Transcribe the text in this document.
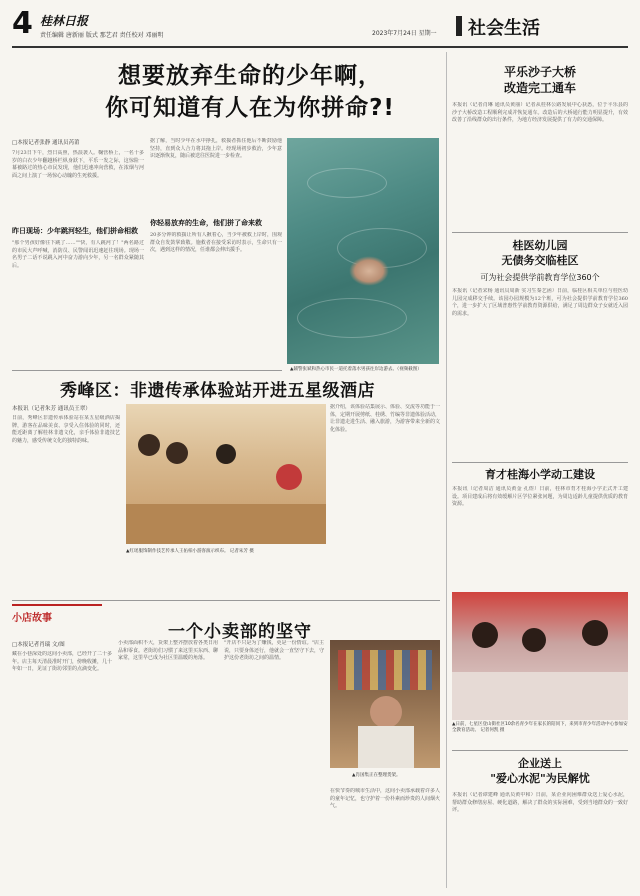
4 桂林日报
责任编辑 唐新丽 版式 那艺君 责任校对 邓丽明	2023年7月24日 星期一 社会生活
想要放弃生命的少年啊，
你可知道有人在为你拼命?!
□本报记者张静 通讯员芮莆
7月23日下午，烈日高照，热浪袭人。鞠营桥上，一名十多岁的白衣少年翻越桥栏纵身跃下，平乐一发之际，这惊险一幕被路过的热心市民发现，他们迅速冲向营救，在浓烟与河面之间上演了一场惊心动魄的生死救援。
昨日现场：少年跳河轻生，他们拼命相救
"那个男孩好像往下跳了……""快，有人跳河了！"两名路过的市民大声呼喊，消防员、民警闻讯迅速赶往现场。现场一名男子二话不说跳入河中奋力游向少年，另一名群众紧随其后。
据了解，当时少年在水中挣扎，救援者抓住他后不断鼓励他坚持，直到众人合力将其拖上岸。经现场初步救治，少年意识逐渐恢复，随后被送往医院进一步检查。
你轻易放弃的生命，他们拼了命来救
20多分钟的救援让所有人揪着心，当少年被救上岸时，围观群众自发鼓掌致敬。施救者在接受采访时表示，生命只有一次，遇到这样的情况，任谁都会伸出援手。
▲辅警张斌和热心市民一道托着落水男孩往岸边游去。（视频截图）
秀峰区：非遗传承体验站开进五星级酒店
本报讯（记者朱芳 通讯员王翠）
日前，秀峰区非遗传承体验站在某五星级酒店揭牌，游客在品味美食、享受入住体验的同时，还能近距离了解桂林非遗文化，亲手体验非遗技艺的魅力，感受传统文化的独特韵味。
▲红瑶服饰制作技艺传承人王佑柏小游客演示织布。 记者朱芳 摄
据介绍，该体验站集展示、体验、交流等功能于一体，定期开展剪纸、桂绣、竹编等非遗体验活动，让非遗走进生活、融入旅游，为游客带来全新的文化体验。
小店故事
一个小卖部的坚守
□本报记者肖瑞 文/图
藏在小巷深处的这间小卖部，已经开了二十多年。店主每天清晨准时开门，傍晚收摊，几十年如一日，见证了街坊邻里的点滴变化。
小卖部面积不大，货架上整齐摆放着各类日用品和零食。老街坊们习惯了来这里买东西、聊家常，这里早已成为社区里温暖的角落。
"开店不只是为了赚钱，更是一份情谊。"店主说，只要身体还行，他就会一直坚守下去，守护这份老街坊之间的温情。
▲肖国集正在整理货架。
在快节奏的城市生活中，这间小卖部承载着许多人的童年记忆，也守护着一份朴素而珍贵的人间烟火气。
平乐沙子大桥
改造完工通车
本报讯（记者肖琳 通讯员黄丽）记者从桂林公路发展中心获悉，位于平乐县的沙子大桥改造工程顺利完成并恢复通车。改造后的大桥通行能力明显提升，有效改善了沿线群众的出行条件，为地方经济发展提供了有力的交通保障。
桂医幼儿园
无债务交临桂区
可为社会提供学前教育学位360个
本报讯（记者宋杨 通讯员周新 实习生秦艺函）日前，临桂区相关单位与桂医幼儿园完成移交手续。该园办园规模为12个班，可为社会提供学前教育学位360个，进一步扩大了区域普惠性学前教育资源供给，满足了周边群众子女就近入园的需求。
育才桂海小学动工建设
本报讯（记者周洁 通讯员黄金 孔煜）日前，桂林市育才桂海小学正式开工建设。项目建成后将有效缓解片区学位紧张问题，为周边适龄儿童提供优质的教育资源。
▲日前，七星区登山街社区10余名青少年在家长的陪同下，来到市青少年活动中心参加安全教育活动。 记者何凯 摄
企业送上
"爱心水泥"为民解忧
本报讯（记者谭建峰 通讯员黄中和）日前，某企业向困难群众送上爱心水泥，帮助群众修缮房屋、硬化道路，解决了群众的实际困难，受到当地群众的一致好评。
